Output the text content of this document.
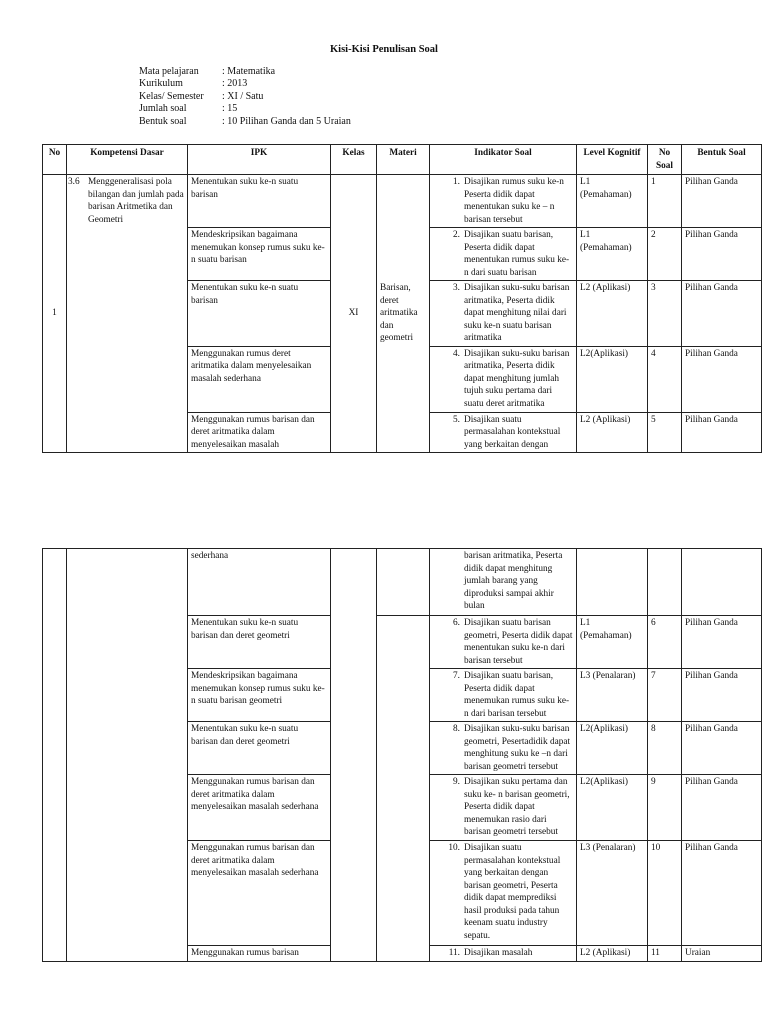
Kisi-Kisi Penulisan Soal
Mata pelajaran	: Matematika
Kurikulum	: 2013
Kelas/ Semester	: XI / Satu
Jumlah soal	: 15
Bentuk soal	: 10 Pilihan Ganda dan 5 Uraian
No	Kompetensi Dasar	IPK	Kelas	Materi	Indikator Soal	Level Kognitif	No Soal	Bentuk Soal
1	3.6 Menggeneralisasi pola bilangan dan jumlah pada barisan Aritmetika dan Geometri	Menentukan suku ke-n suatu barisan	XI	Barisan, deret aritmatika dan geometri	1. Disajikan rumus suku ke-n Peserta didik dapat menentukan suku ke – n barisan tersebut	L1 (Pemahaman)	1	Pilihan Ganda
		Mendeskripsikan bagaimana menemukan konsep rumus suku ke-n suatu barisan			2. Disajikan suatu barisan, Peserta didik dapat menentukan rumus suku ke-n dari suatu barisan	L1 (Pemahaman)	2	Pilihan Ganda
		Menentukan suku ke-n suatu barisan			3. Disajikan suku-suku barisan aritmatika, Peserta didik dapat menghitung nilai dari suku ke-n suatu barisan aritmatika	L2 (Aplikasi)	3	Pilihan Ganda
		Menggunakan rumus deret aritmatika dalam menyelesaikan masalah sederhana			4. Disajikan suku-suku barisan aritmatika, Peserta didik dapat menghitung jumlah tujuh suku pertama dari suatu deret aritmatika	L2(Aplikasi)	4	Pilihan Ganda
		Menggunakan rumus barisan dan deret aritmatika dalam menyelesaikan masalah			5. Disajikan suatu permasalahan kontekstual yang berkaitan dengan	L2 (Aplikasi)	5	Pilihan Ganda
		sederhana			barisan aritmatika, Peserta didik dapat menghitung jumlah barang yang diproduksi sampai akhir bulan			

		Menentukan suku ke-n suatu barisan dan deret geometri			6. Disajikan suatu barisan geometri, Peserta didik dapat menentukan suku ke-n dari barisan tersebut	L1 (Pemahaman)	6	Pilihan Ganda
		Mendeskripsikan bagaimana menemukan konsep rumus suku ke-n suatu barisan geometri			7. Disajikan suatu barisan, Peserta didik dapat menemukan rumus suku ke-n dari barisan tersebut	L3 (Penalaran)	7	Pilihan Ganda
		Menentukan suku ke-n suatu barisan dan deret geometri			8. Disajikan suku-suku barisan geometri, Pesertadidik dapat menghitung suku ke –n dari barisan geometri tersebut	L2(Aplikasi)	8	Pilihan Ganda
		Menggunakan rumus barisan dan deret aritmatika dalam menyelesaikan masalah sederhana			9. Disajikan suku pertama dan suku ke- n barisan geometri, Peserta didik dapat menemukan rasio dari barisan geometri tersebut	L2(Aplikasi)	9	Pilihan Ganda
		Menggunakan rumus barisan dan deret aritmatika dalam menyelesaikan masalah sederhana			10. Disajikan suatu permasalahan kontekstual yang berkaitan dengan barisan geometri, Peserta didik dapat memprediksi hasil produksi pada tahun keenam suatu industry sepatu.	L3 (Penalaran)	10	Pilihan Ganda
		Menggunakan rumus barisan			11. Disajikan masalah	L2 (Aplikasi)	11	Uraian
